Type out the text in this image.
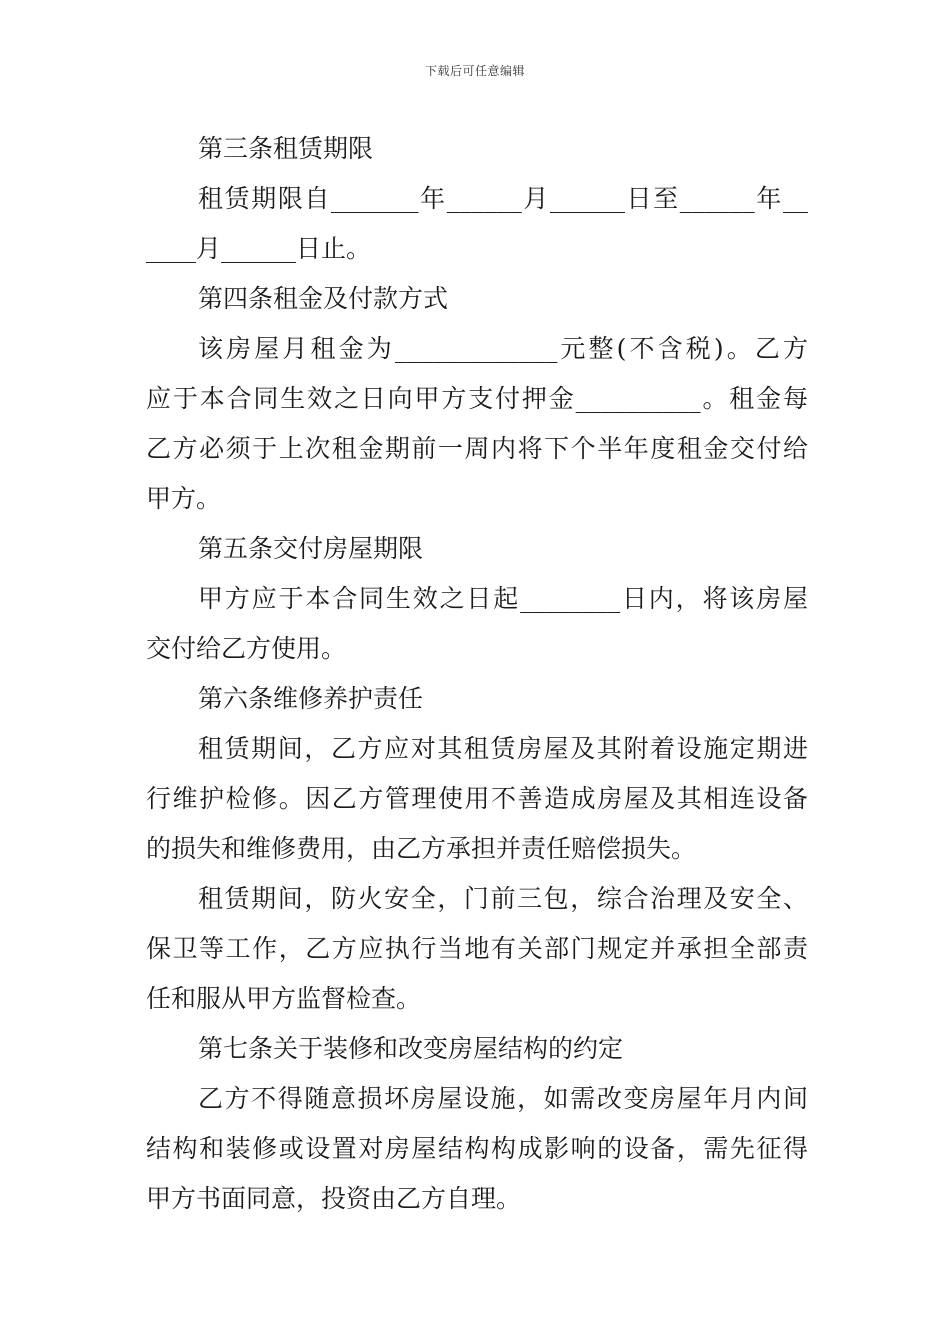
下载后可任意编辑
第三条租赁期限
租赁期限自_______年______月______日至______年__
____月______日止。
第四条租金及付款方式
该房屋月租金为_____________元整(不含税)。乙方
应于本合同生效之日向甲方支付押金__________。租金每
乙方必须于上次租金期前一周内将下个半年度租金交付给
甲方。
第五条交付房屋期限
甲方应于本合同生效之日起________日内，将该房屋
交付给乙方使用。
第六条维修养护责任
租赁期间，乙方应对其租赁房屋及其附着设施定期进
行维护检修。因乙方管理使用不善造成房屋及其相连设备
的损失和维修费用，由乙方承担并责任赔偿损失。
租赁期间，防火安全，门前三包，综合治理及安全、
保卫等工作，乙方应执行当地有关部门规定并承担全部责
任和服从甲方监督检查。
第七条关于装修和改变房屋结构的约定
乙方不得随意损坏房屋设施，如需改变房屋年月内间
结构和装修或设置对房屋结构构成影响的设备，需先征得
甲方书面同意，投资由乙方自理。
